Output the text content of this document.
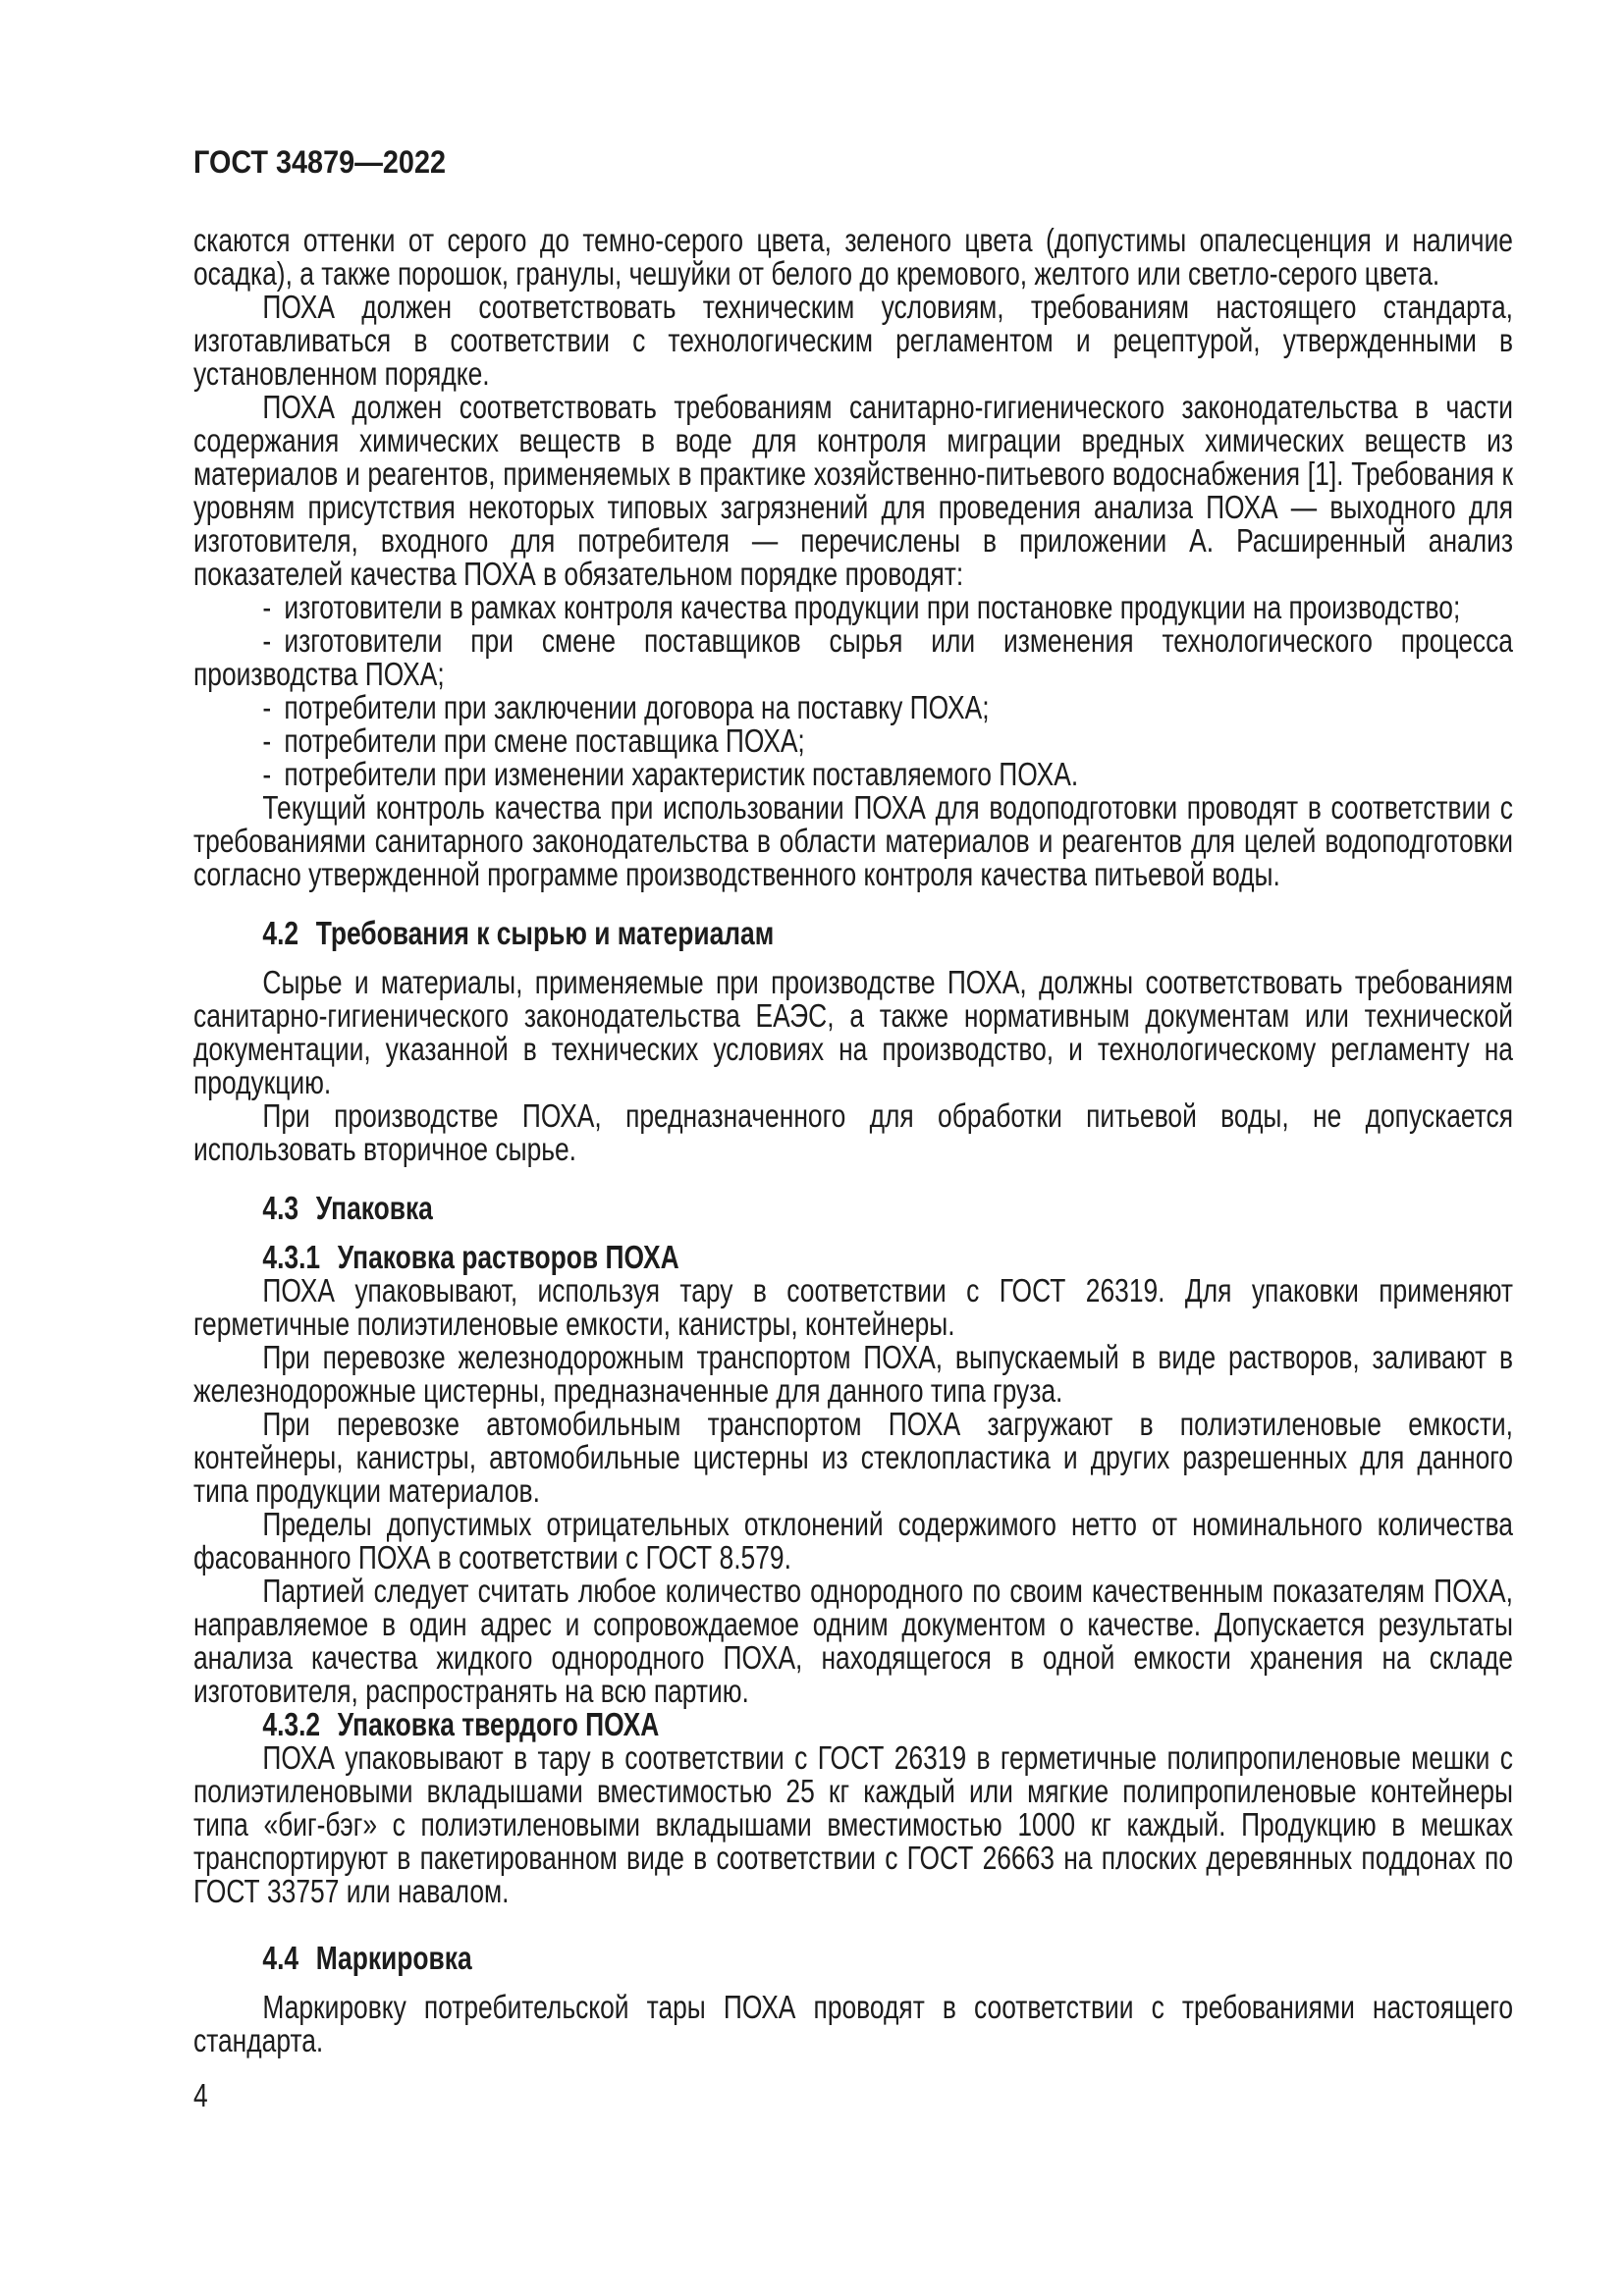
ГОСТ 34879—2022

скаются оттенки от серого до темно-серого цвета, зеленого цвета (допустимы опалесценция и наличие осадка), а также порошок, гранулы, чешуйки от белого до кремового, желтого или светло-серого цвета.

ПОХА должен соответствовать техническим условиям, требованиям настоящего стандарта, изготавливаться в соответствии с технологическим регламентом и рецептурой, утвержденными в установленном порядке.

ПОХА должен соответствовать требованиям санитарно-гигиенического законодательства в части содержания химических веществ в воде для контроля миграции вредных химических веществ из материалов и реагентов, применяемых в практике хозяйственно-питьевого водоснабжения [1]. Требования к уровням присутствия некоторых типовых загрязнений для проведения анализа ПОХА — выходного для изготовителя, входного для потребителя — перечислены в приложении А. Расширенный анализ показателей качества ПОХА в обязательном порядке проводят:

- изготовители в рамках контроля качества продукции при постановке продукции на производство;

- изготовители при смене поставщиков сырья или изменения технологического процесса производства ПОХА;

- потребители при заключении договора на поставку ПОХА;

- потребители при смене поставщика ПОХА;

- потребители при изменении характеристик поставляемого ПОХА.

Текущий контроль качества при использовании ПОХА для водоподготовки проводят в соответствии с требованиями санитарного законодательства в области материалов и реагентов для целей водоподготовки согласно утвержденной программе производственного контроля качества питьевой воды.

4.2 Требования к сырью и материалам

Сырье и материалы, применяемые при производстве ПОХА, должны соответствовать требованиям санитарно-гигиенического законодательства ЕАЭС, а также нормативным документам или технической документации, указанной в технических условиях на производство, и технологическому регламенту на продукцию.

При производстве ПОХА, предназначенного для обработки питьевой воды, не допускается использовать вторичное сырье.

4.3 Упаковка

4.3.1 Упаковка растворов ПОХА

ПОХА упаковывают, используя тару в соответствии с ГОСТ 26319. Для упаковки применяют герметичные полиэтиленовые емкости, канистры, контейнеры.

При перевозке железнодорожным транспортом ПОХА, выпускаемый в виде растворов, заливают в железнодорожные цистерны, предназначенные для данного типа груза.

При перевозке автомобильным транспортом ПОХА загружают в полиэтиленовые емкости, контейнеры, канистры, автомобильные цистерны из стеклопластика и других разрешенных для данного типа продукции материалов.

Пределы допустимых отрицательных отклонений содержимого нетто от номинального количества фасованного ПОХА в соответствии с ГОСТ 8.579.

Партией следует считать любое количество однородного по своим качественным показателям ПОХА, направляемое в один адрес и сопровождаемое одним документом о качестве. Допускается результаты анализа качества жидкого однородного ПОХА, находящегося в одной емкости хранения на складе изготовителя, распространять на всю партию.

4.3.2 Упаковка твердого ПОХА

ПОХА упаковывают в тару в соответствии с ГОСТ 26319 в герметичные полипропиленовые мешки с полиэтиленовыми вкладышами вместимостью 25 кг каждый или мягкие полипропиленовые контейнеры типа «биг-бэг» с полиэтиленовыми вкладышами вместимостью 1000 кг каждый. Продукцию в мешках транспортируют в пакетированном виде в соответствии с ГОСТ 26663 на плоских деревянных поддонах по ГОСТ 33757 или навалом.

4.4 Маркировка

Маркировку потребительской тары ПОХА проводят в соответствии с требованиями настоящего стандарта.

4
